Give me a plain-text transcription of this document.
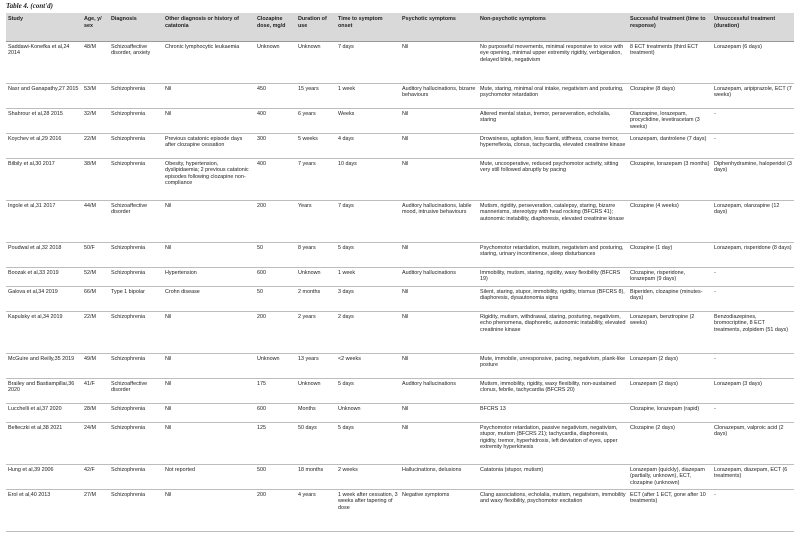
Table 4. (cont'd)
Study	Age, y/ sex	Diagnosis	Other diagnosis or history of catatonia	Clozapine dose, mg/d	Duration of use	Time to symptom onset	Psychotic symptoms	Non-psychotic symptoms	Successful treatment (time to response)	Unsuccessful treatment (duration)
Saddawi-Konefka et al,24 2014	48/M	Schizoaffective disorder, anxiety	Chronic lymphocytic leukaemia	Unknown	Unknown	7 days	Nil	No purposeful movements, minimal responsive to voice with eye opening, minimal upper extremity rigidity, verbigeration, delayed blink, negativism	8 ECT treatments (third ECT treatment)	Lorazepam (6 days)
Nasr and Ganapathy,27 2015	53/M	Schizophrenia	Nil	450	15 years	1 week	Auditory hallucinations, bizarre behaviours	Mute, staring, minimal oral intake, negativism and posturing, psychomotor retardation	Clozapine (8 days)	Lorazepam, aripiprazole, ECT (7 weeks)
Shahrour et al,28 2015	32/M	Schizophrenia	Nil	400	6 years	Weeks	Nil	Altered mental status, tremor, perseveration, echolalia, staring	Olanzapine, lorazepam, procyclidine, levetiracetam (3 weeks)	-
Koychev et al,29 2016	22/M	Schizophrenia	Previous catatonic episode days after clozapine cessation	300	5 weeks	4 days	Nil	Drowsiness, agitation, less fluent, stiffness, coarse tremor, hyperreflexia, clonus, tachycardia, elevated creatinine kinase	Lorazepam, dantrolene (7 days)	-
Bilbily et al,30 2017	38/M	Schizophrenia	Obesity, hypertension, dyslipidaemia; 2 previous catatonic episodes following clozapine non-compliance	400	7 years	10 days	Nil	Mute, uncooperative, reduced psychomotor activity, sitting very still followed abruptly by pacing	Clozapine, lorazepam (3 months)	Diphenhydramine, haloperidol (3 days)
Ingole et al,31 2017	44/M	Schizoaffective disorder	Nil	200	Years	7 days	Auditory hallucinations, labile mood, intrusive behaviours	Mutism, rigidity, perseveration, catalepsy, staring, bizarre mannerisms, stereotypy with head rocking (BFCRS 41); autonomic instability, diaphoresis, elevated creatinine kinase	Clozapine (4 weeks)	Lorazepam, olanzapine (12 days)
Poudwal et al,32 2018	50/F	Schizophrenia	Nil	50	8 years	5 days	Nil	Psychomotor retardation, mutism, negativism and posturing, staring, urinary incontinence, sleep disturbances	Clozapine (1 day)	Lorazepam, risperidone (8 days)
Boozak et al,33 2019	52/M	Schizophrenia	Hypertension	600	Unknown	1 week	Auditory hallucinations	Immobility, mutism, staring, rigidity, waxy flexibility (BFCRS 19)	Clozapine, risperidone, lorazepam (9 days)	-
Galova et al,34 2019	66/M	Type 1 bipolar	Crohn disease	50	2 months	3 days	Nil	Silent, staring, stupor, immobility, rigidity, trismus (BFCRS 8), diaphoresis, dysautonomia signs	Biperiden, clozapine (minutes-days)	-
Kapulsky et al,34 2019	22/M	Schizophrenia	Nil	200	2 years	2 days	Nil	Rigidity, mutism, withdrawal, staring, posturing, negativism, echo phenomena, diaphoretic, autonomic instability, elevated creatinine kinase	Lorazepam, benztropine (2 weeks)	Benzodiazepines, bromocriptine, 8 ECT treatments, zolpidem (51 days)
McGuire and Reilly,35 2019	49/M	Schizophrenia	Nil	Unknown	13 years	<2 weeks	Nil	Mute, immobile, unresponsive, pacing, negativism, plank-like posture	Lorazepam (2 days)	-
Brailey and Bastiampillai,36 2020	41/F	Schizoaffective disorder	Nil	175	Unknown	5 days	Auditory hallucinations	Mutism, immobility, rigidity, waxy flexibility, non-sustained clonus, febrile, tachycardia (BFCRS 20)	Lorazepam (2 days)	Lorazepam (3 days)
Lucchelli et al,37 2020	28/M	Schizophrenia	Nil	600	Months	Unknown	Nil	BFCRS 13	Clozapine, lorazepam (rapid)	-
Belteczki et al,38 2021	24/M	Schizophrenia	Nil	125	50 days	5 days	Nil	Psychomotor retardation, passive negativism, negativism, stupor, mutism (BFCRS 21); tachycardia, diaphoresis, rigidity, tremor, hyperhidrosis, left deviation of eyes, upper extremity hyperkinesis	Clozapine (2 days)	Clonazepam, valproic acid (2 days)
Hung et al,39 2006	42/F	Schizophrenia	Not reported	500	18 months	2 weeks	Hallucinations, delusions	Catatonia (stupor, mutism)	Lorazepam (quickly), diazepam (partially, unknown), ECT, clozapine (unknown)	Lorazepam, diazepam, ECT (6 treatments)
Erol et al,40 2013	27/M	Schizophrenia	Nil	200	4 years	1 week after cessation, 3 weeks after tapering of dose	Negative symptoms	Clang associations, echolalia, mutism, negativism, immobility and waxy flexibility, psychomotor excitation	ECT (after 1 ECT, gone after 10 treatments)	-
